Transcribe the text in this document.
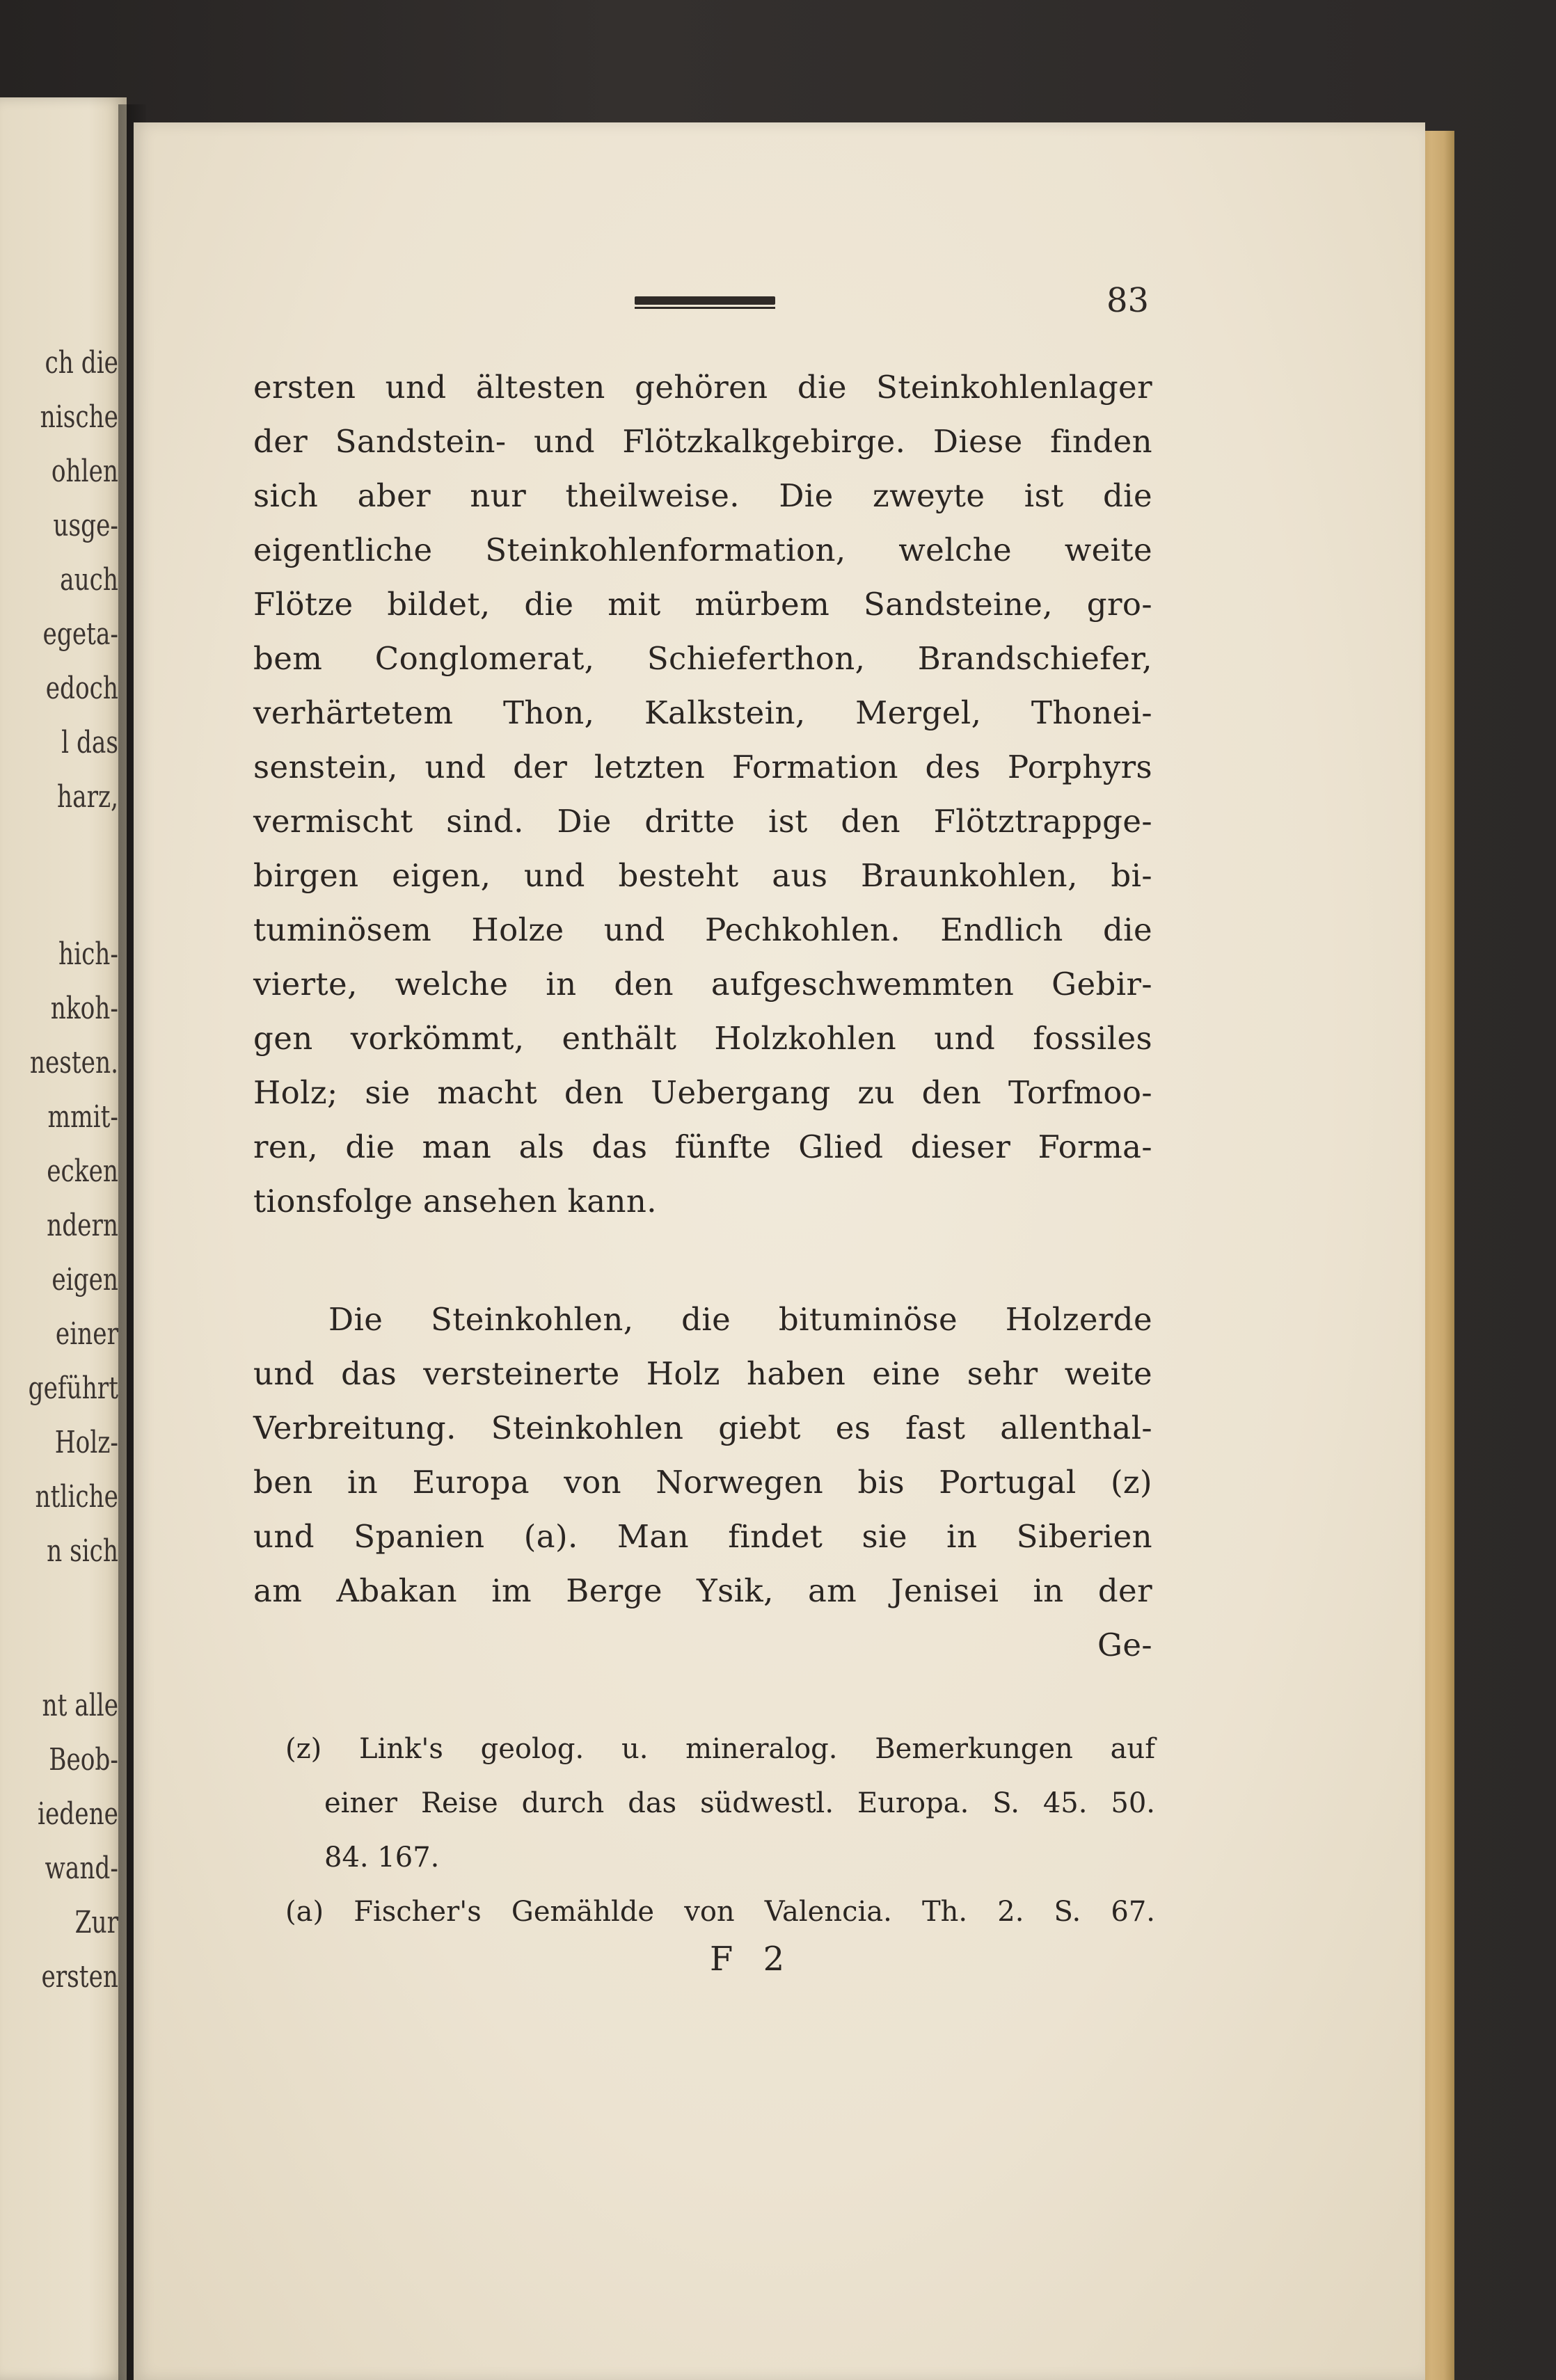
ch die
nische
ohlen
usge-
auch
egeta-
edoch
l das
harz,
hich-
nkoh-
nesten.
mmit-
ecken
ndern
eigen
einer
geführt
Holz-
ntliche
n sich
nt alle
Beob-
iedene
wand-
Zur
ersten
83
ersten und ältesten gehören die Steinkohlenlager
der Sandstein- und Flötzkalkgebirge. Diese finden
sich aber nur theilweise. Die zweyte ist die
eigentliche Steinkohlenformation, welche weite
Flötze bildet, die mit mürbem Sandsteine, gro-
bem Conglomerat, Schieferthon, Brandschiefer,
verhärtetem Thon, Kalkstein, Mergel, Thonei-
senstein, und der letzten Formation des Porphyrs
vermischt sind. Die dritte ist den Flötztrappge-
birgen eigen, und besteht aus Braunkohlen, bi-
tuminösem Holze und Pechkohlen. Endlich die
vierte, welche in den aufgeschwemmten Gebir-
gen vorkömmt, enthält Holzkohlen und fossiles
Holz; sie macht den Uebergang zu den Torfmoo-
ren, die man als das fünfte Glied dieser Forma-
tionsfolge ansehen kann.
Die Steinkohlen, die bituminöse Holzerde
und das versteinerte Holz haben eine sehr weite
Verbreitung. Steinkohlen giebt es fast allenthal-
ben in Europa von Norwegen bis Portugal (z)
und Spanien (a). Man findet sie in Siberien
am Abakan im Berge Ysik, am Jenisei in der
Ge-
(z) Link's geolog. u. mineralog. Bemerkungen auf
einer Reise durch das südwestl. Europa. S. 45. 50.
84. 167.
(a) Fischer's Gemählde von Valencia. Th. 2. S. 67.
F 2
